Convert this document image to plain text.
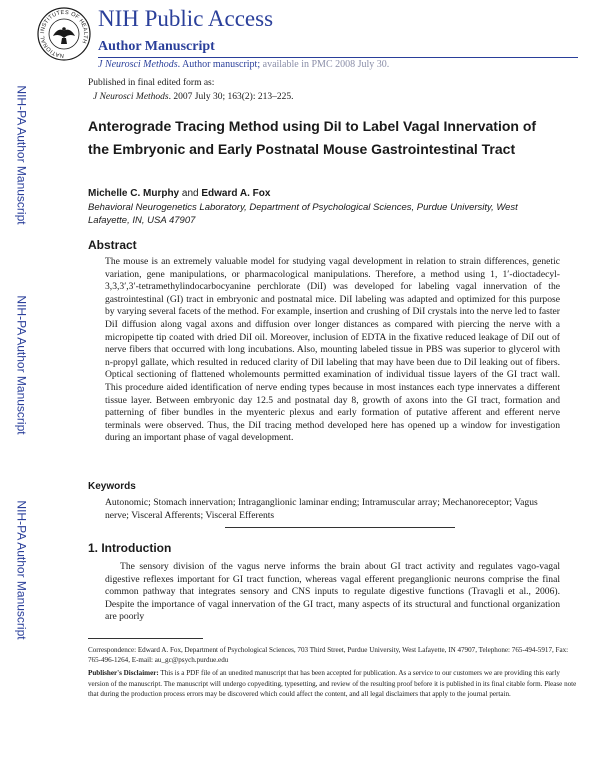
NATIONAL INSTITUTES OF HEALTH
NIH Public Access
Author Manuscript
J Neurosci Methods. Author manuscript; available in PMC 2008 July 30.
NIH-PA Author Manuscript
NIH-PA Author Manuscript
NIH-PA Author Manuscript
Published in final edited form as:
J Neurosci Methods. 2007 July 30; 163(2): 213–225.
Anterograde Tracing Method using DiI to Label Vagal Innervation of the Embryonic and Early Postnatal Mouse Gastrointestinal Tract
Michelle C. Murphy and Edward A. Fox
Behavioral Neurogenetics Laboratory, Department of Psychological Sciences, Purdue University, West Lafayette, IN, USA 47907
Abstract

The mouse is an extremely valuable model for studying vagal development in relation to strain differences, genetic variation, gene manipulations, or pharmacological manipulations. Therefore, a method using 1, 1′-dioctadecyl-3,3,3′,3′-tetramethylindocarbocyanine perchlorate (DiI) was developed for labeling vagal innervation of the gastrointestinal (GI) tract in embryonic and postnatal mice. DiI labeling was adapted and optimized for this purpose by varying several facets of the method. For example, insertion and crushing of DiI crystals into the nerve led to faster DiI diffusion along vagal axons and diffusion over longer distances as compared with piercing the nerve with a micropipette tip coated with dried DiI oil. Moreover, inclusion of EDTA in the fixative reduced leakage of DiI out of nerve fibers that occurred with long incubations. Also, mounting labeled tissue in PBS was superior to glycerol with n-propyl gallate, which resulted in reduced clarity of DiI labeling that may have been due to DiI leaking out of fibers. Optical sectioning of flattened wholemounts permitted examination of individual tissue layers of the GI tract wall. This procedure aided identification of nerve ending types because in most instances each type innervates a different tissue layer. Between embryonic day 12.5 and postnatal day 8, growth of axons into the GI tract, formation and patterning of fiber bundles in the myenteric plexus and early formation of putative afferent and efferent nerve terminals were observed. Thus, the DiI tracing method developed here has opened up a window for investigation during an important phase of vagal development.

Keywords

Autonomic; Stomach innervation; Intraganglionic laminar ending; Intramuscular array; Mechanoreceptor; Vagus nerve; Visceral Afferents; Visceral Efferents

1. Introduction

The sensory division of the vagus nerve informs the brain about GI tract activity and regulates vago-vagal digestive reflexes important for GI tract function, whereas vagal efferent preganglionic neurons comprise the final common pathway that integrates sensory and CNS inputs to regulate digestive functions (Travagli et al., 2006). Despite the importance of vagal innervation of the GI tract, many aspects of its structural and functional organization are poorly

Correspondence: Edward A. Fox, Department of Psychological Sciences, 703 Third Street, Purdue University, West Lafayette, IN 47907, Telephone: 765-494-5917, Fax: 765-496-1264, E-mail: au_gc@psych.purdue.edu

Publisher's Disclaimer: This is a PDF file of an unedited manuscript that has been accepted for publication. As a service to our customers we are providing this early version of the manuscript. The manuscript will undergo copyediting, typesetting, and review of the resulting proof before it is published in its final citable form. Please note that during the production process errors may be discovered which could affect the content, and all legal disclaimers that apply to the journal pertain.
